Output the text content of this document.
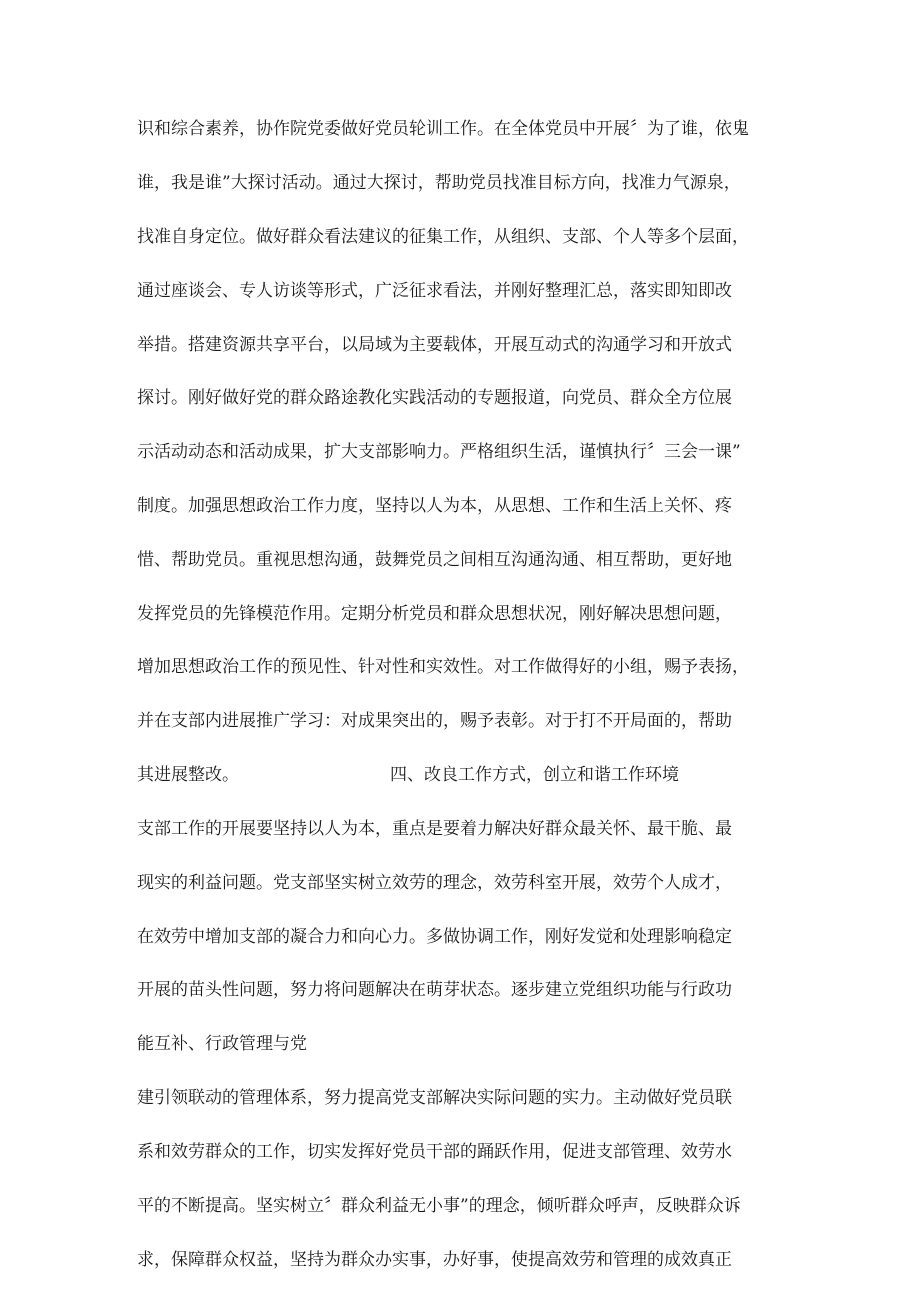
识和综合素养，协作院党委做好党员轮训工作。在全体党员中开展〞为了谁，依鬼
谁，我是谁”大探讨活动。通过大探讨，帮助党员找准目标方向，找准力气源泉，
找准自身定位。做好群众看法建议的征集工作，从组织、支部、个人等多个层面，
通过座谈会、专人访谈等形式，广泛征求看法，并刚好整理汇总，落实即知即改
举措。搭建资源共享平台，以局域为主要载体，开展互动式的沟通学习和开放式
探讨。刚好做好党的群众路途教化实践活动的专题报道，向党员、群众全方位展
示活动动态和活动成果，扩大支部影响力。严格组织生活，谨慎执行〞三会一课”
制度。加强思想政治工作力度，坚持以人为本，从思想、工作和生活上关怀、疼
惜、帮助党员。重视思想沟通，鼓舞党员之间相互沟通沟通、相互帮助，更好地
发挥党员的先锋模范作用。定期分析党员和群众思想状况，刚好解决思想问题，
增加思想政治工作的预见性、针对性和实效性。对工作做得好的小组，赐予表扬，
并在支部内进展推广学习：对成果突出的，赐予表彰。对于打不开局面的，帮助
其进展整改。	四、改良工作方式，创立和谐工作环境
支部工作的开展要坚持以人为本，重点是要着力解决好群众最关怀、最干脆、最
现实的利益问题。党支部坚实树立效劳的理念，效劳科室开展，效劳个人成才，
在效劳中增加支部的凝合力和向心力。多做协调工作，刚好发觉和处理影响稳定
开展的苗头性问题，努力将问题解决在萌芽状态。逐步建立党组织功能与行政功
能互补、行政管理与党
建引领联动的管理体系，努力提高党支部解决实际问题的实力。主动做好党员联
系和效劳群众的工作，切实发挥好党员干部的踊跃作用，促进支部管理、效劳水
平的不断提高。坚实树立〞群众利益无小事”的理念，倾听群众呼声，反映群众诉
求，保障群众权益，坚持为群众办实事，办好事，使提高效劳和管理的成效真正
